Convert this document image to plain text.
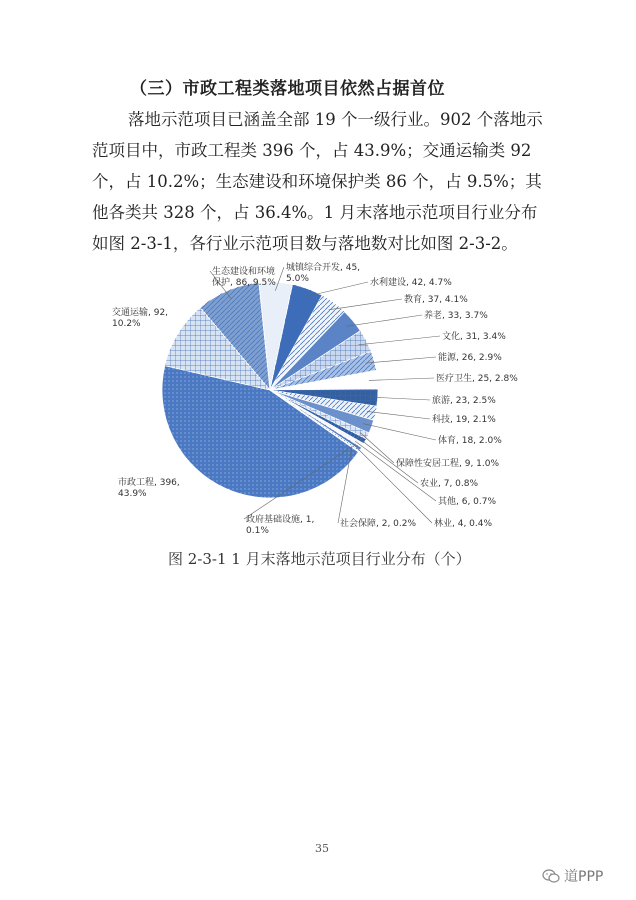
（三）市政工程类落地项目依然占据首位
落地示范项目已涵盖全部 19 个一级行业。902 个落地示
范项目中，市政工程类 396 个，占 43.9%；交通运输类 92
个，占 10.2%；生态建设和环境保护类 86 个，占 9.5%；其
他各类共 328 个，占 36.4%。1 月末落地示范项目行业分布
如图 2-3-1，各行业示范项目数与落地数对比如图 2-3-2。
市政工程, 396, 43.9%
交通运输, 92, 10.2%
生态建设和环境保护, 86, 9.5%
城镇综合开发, 45, 5.0%	水利建设, 42, 4.7%
教育, 37, 4.1%
养老, 33, 3.7%
文化, 31, 3.4%
能源, 26, 2.9%
医疗卫生, 25, 2.8%
旅游, 23, 2.5%
科技, 19, 2.1%
体育, 18, 2.0%
保障性安居工程, 9, 1.0%
农业, 7, 0.8%
其他, 6, 0.7%
林业, 4, 0.4%
社会保障, 2, 0.2%
政府基础设施, 1, 0.1%
图 2-3-1 1 月末落地示范项目行业分布（个）
35
道PPP
